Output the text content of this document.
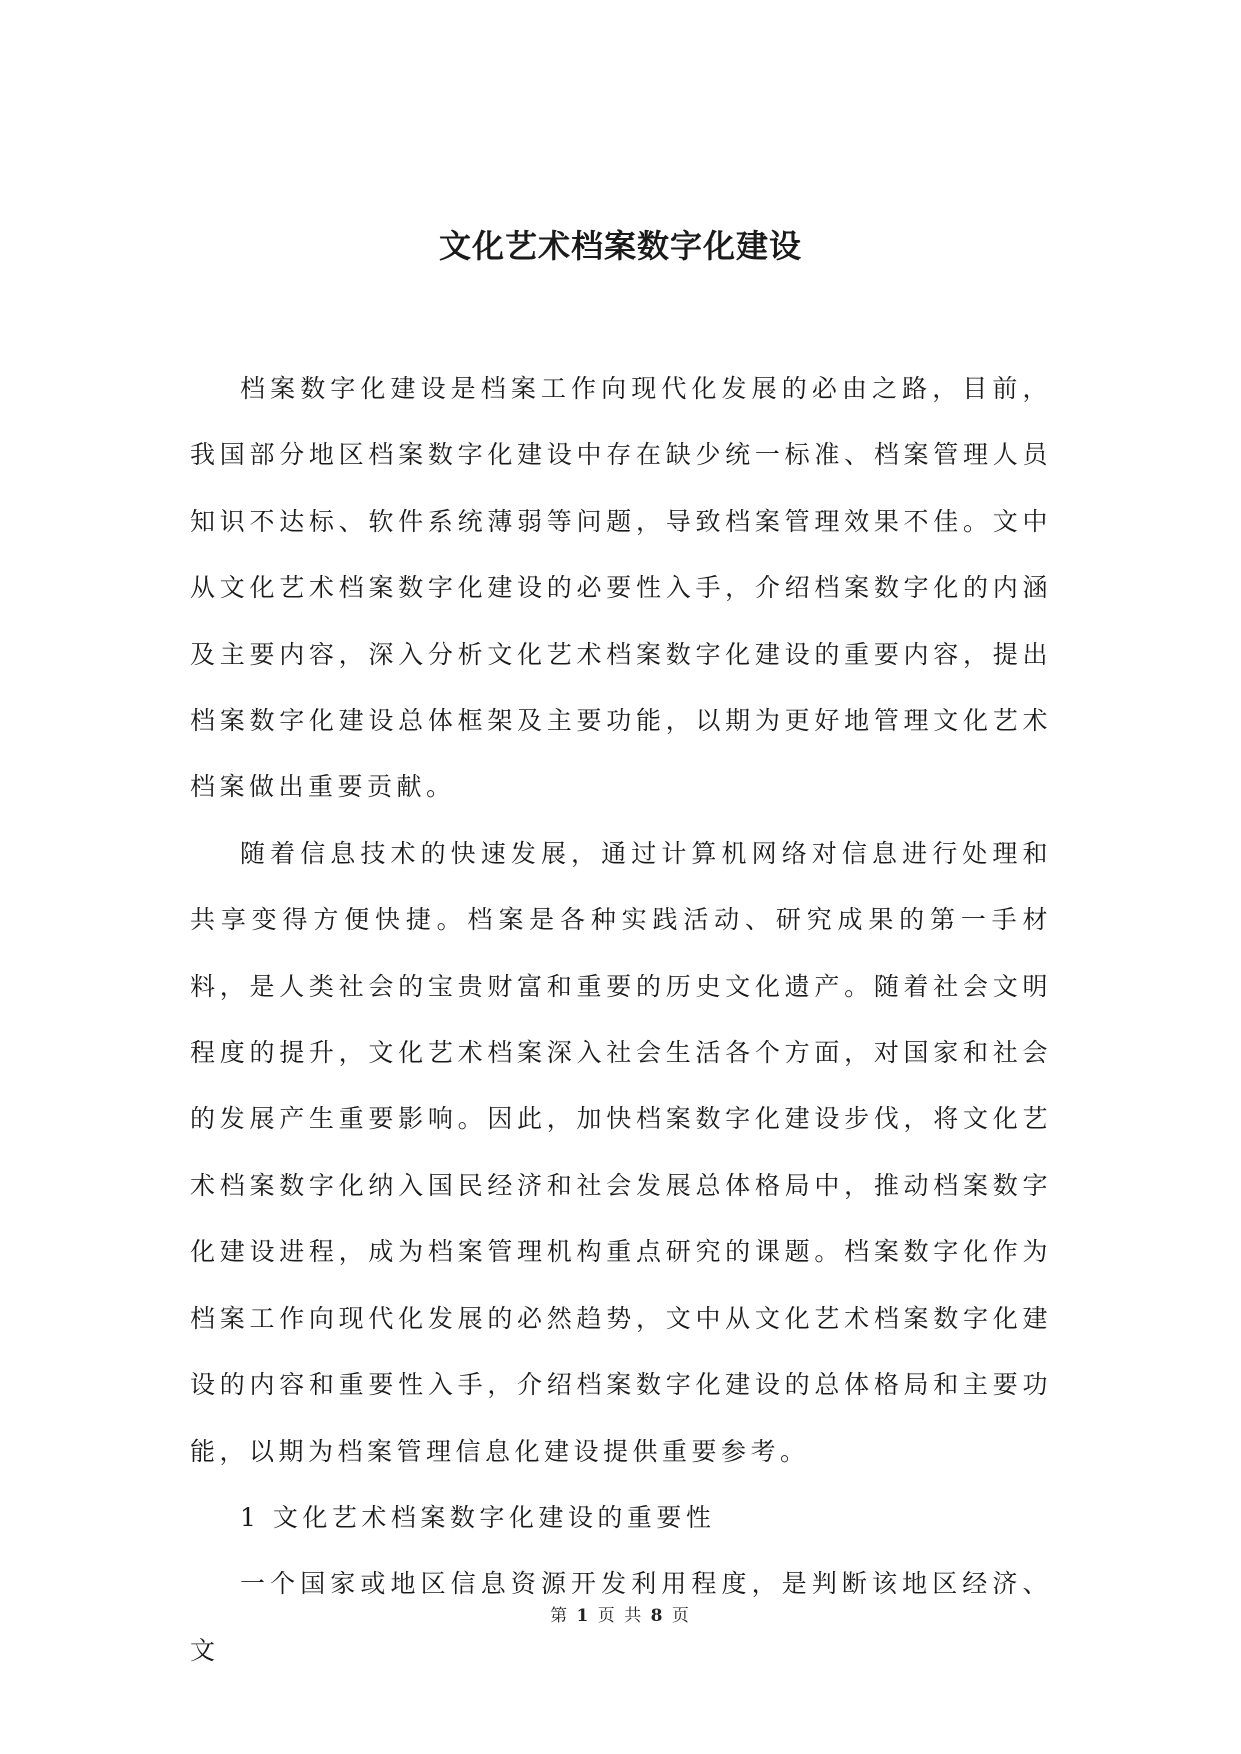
文化艺术档案数字化建设

档案数字化建设是档案工作向现代化发展的必由之路，目前，我国部分地区档案数字化建设中存在缺少统一标准、档案管理人员知识不达标、软件系统薄弱等问题，导致档案管理效果不佳。文中从文化艺术档案数字化建设的必要性入手，介绍档案数字化的内涵及主要内容，深入分析文化艺术档案数字化建设的重要内容，提出档案数字化建设总体框架及主要功能，以期为更好地管理文化艺术档案做出重要贡献。

随着信息技术的快速发展，通过计算机网络对信息进行处理和共享变得方便快捷。档案是各种实践活动、研究成果的第一手材料，是人类社会的宝贵财富和重要的历史文化遗产。随着社会文明程度的提升，文化艺术档案深入社会生活各个方面，对国家和社会的发展产生重要影响。因此，加快档案数字化建设步伐，将文化艺术档案数字化纳入国民经济和社会发展总体格局中，推动档案数字化建设进程，成为档案管理机构重点研究的课题。档案数字化作为档案工作向现代化发展的必然趋势，文中从文化艺术档案数字化建设的内容和重要性入手，介绍档案数字化建设的总体格局和主要功能，以期为档案管理信息化建设提供重要参考。

1 文化艺术档案数字化建设的重要性

一个国家或地区信息资源开发利用程度，是判断该地区经济、文

第 1 页 共 8 页
